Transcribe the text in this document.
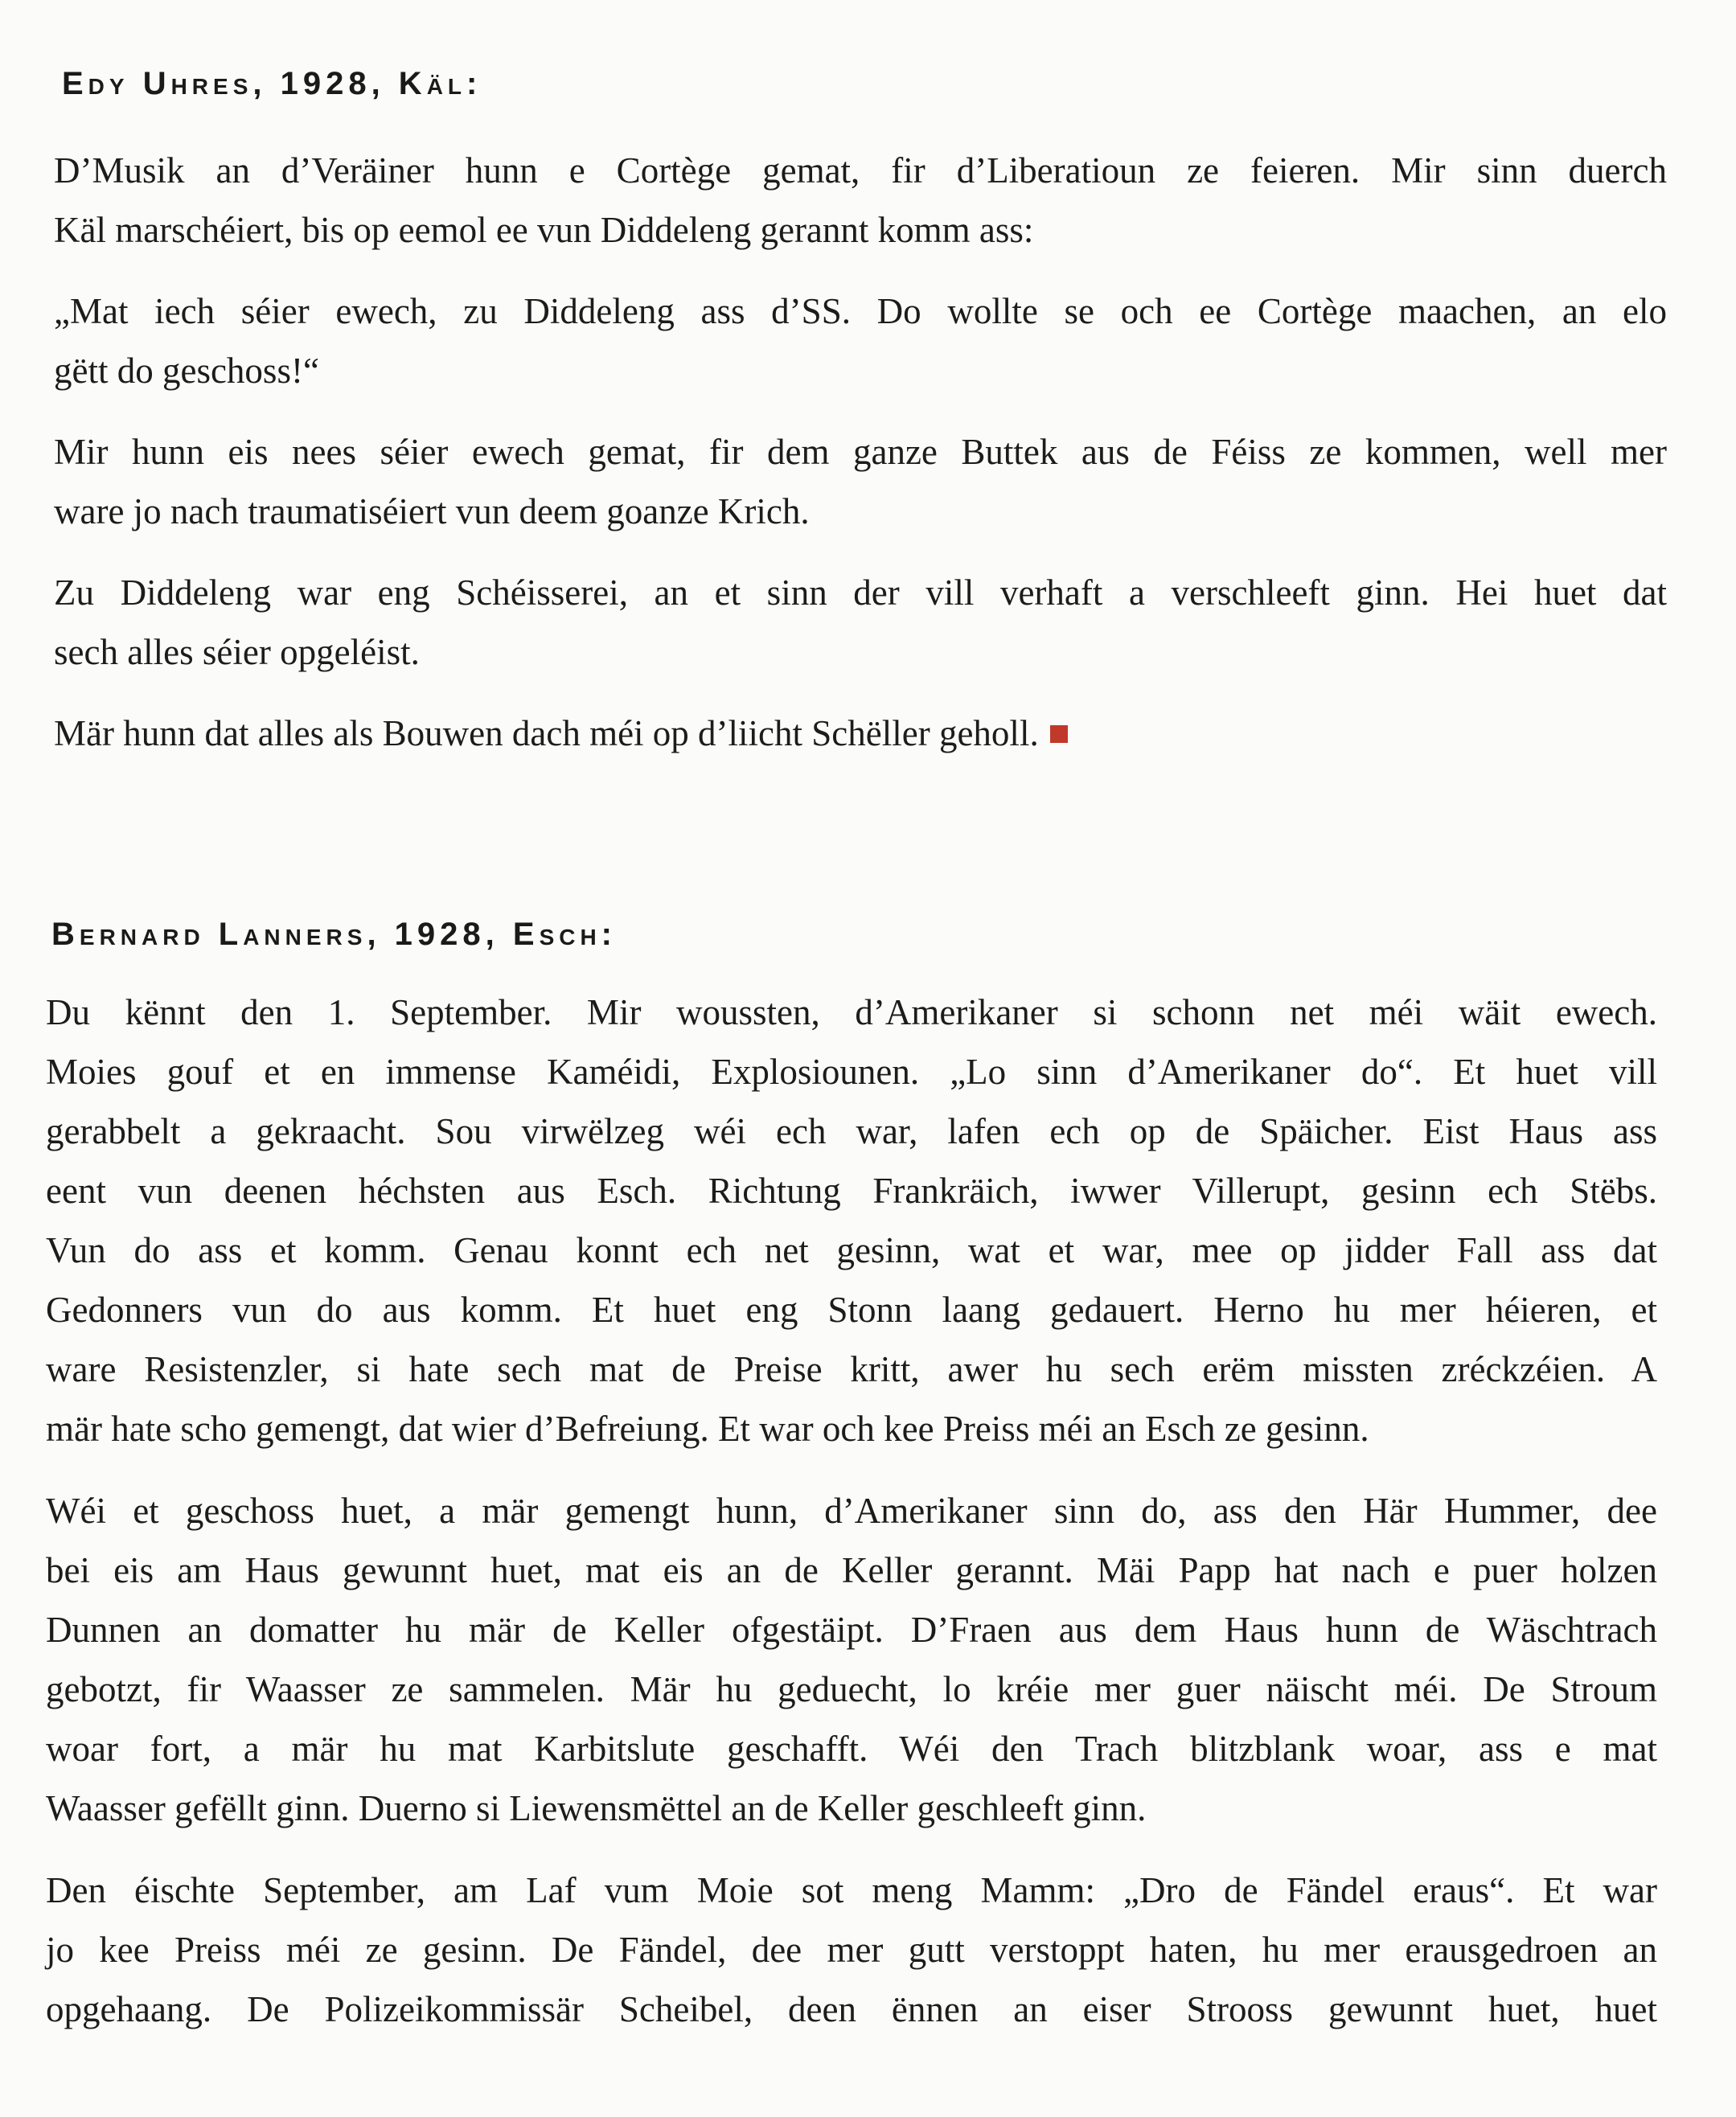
Edy Uhres, 1928, Käl:

D’Musik an d’Veräiner hunn e Cortège gemat, fir d’Liberatioun ze feieren. Mir sinn duerch
Käl marschéiert, bis op eemol ee vun Diddeleng gerannt komm ass:

„Mat iech séier ewech, zu Diddeleng ass d’SS. Do wollte se och ee Cortège maachen, an elo
gëtt do geschoss!“

Mir hunn eis nees séier ewech gemat, fir dem ganze Buttek aus de Féiss ze kommen, well mer
ware jo nach traumatiséiert vun deem goanze Krich.

Zu Diddeleng war eng Schéisserei, an et sinn der vill verhaft a verschleeft ginn. Hei huet dat
sech alles séier opgeléist.

Mär hunn dat alles als Bouwen dach méi op d’liicht Schëller geholl.

Bernard Lanners, 1928, Esch:

Du kënnt den 1. September. Mir woussten, d’Amerikaner si schonn net méi wäit ewech.
Moies gouf et en immense Kaméidi, Explosiounen. „Lo sinn d’Amerikaner do“. Et huet vill
gerabbelt a gekraacht. Sou virwëlzeg wéi ech war, lafen ech op de Späicher. Eist Haus ass
eent vun deenen héchsten aus Esch. Richtung Frankräich, iwwer Villerupt, gesinn ech Stëbs.
Vun do ass et komm. Genau konnt ech net gesinn, wat et war, mee op jidder Fall ass dat
Gedonners vun do aus komm. Et huet eng Stonn laang gedauert. Herno hu mer héieren, et
ware Resistenzler, si hate sech mat de Preise kritt, awer hu sech erëm missten zréckzéien. A
mär hate scho gemengt, dat wier d’Befreiung. Et war och kee Preiss méi an Esch ze gesinn.

Wéi et geschoss huet, a mär gemengt hunn, d’Amerikaner sinn do, ass den Här Hummer, dee
bei eis am Haus gewunnt huet, mat eis an de Keller gerannt. Mäi Papp hat nach e puer holzen
Dunnen an domatter hu mär de Keller ofgestäipt. D’Fraen aus dem Haus hunn de Wäschtrach
gebotzt, fir Waasser ze sammelen. Mär hu geduecht, lo kréie mer guer näischt méi. De Stroum
woar fort, a mär hu mat Karbitslute geschafft. Wéi den Trach blitzblank woar, ass e mat
Waasser gefëllt ginn. Duerno si Liewensmëttel an de Keller geschleeft ginn.

Den éischte September, am Laf vum Moie sot meng Mamm: „Dro de Fändel eraus“. Et war
jo kee Preiss méi ze gesinn. De Fändel, dee mer gutt verstoppt haten, hu mer erausgedroen an
opgehaang. De Polizeikommissär Scheibel, deen ënnen an eiser Strooss gewunnt huet, huet
